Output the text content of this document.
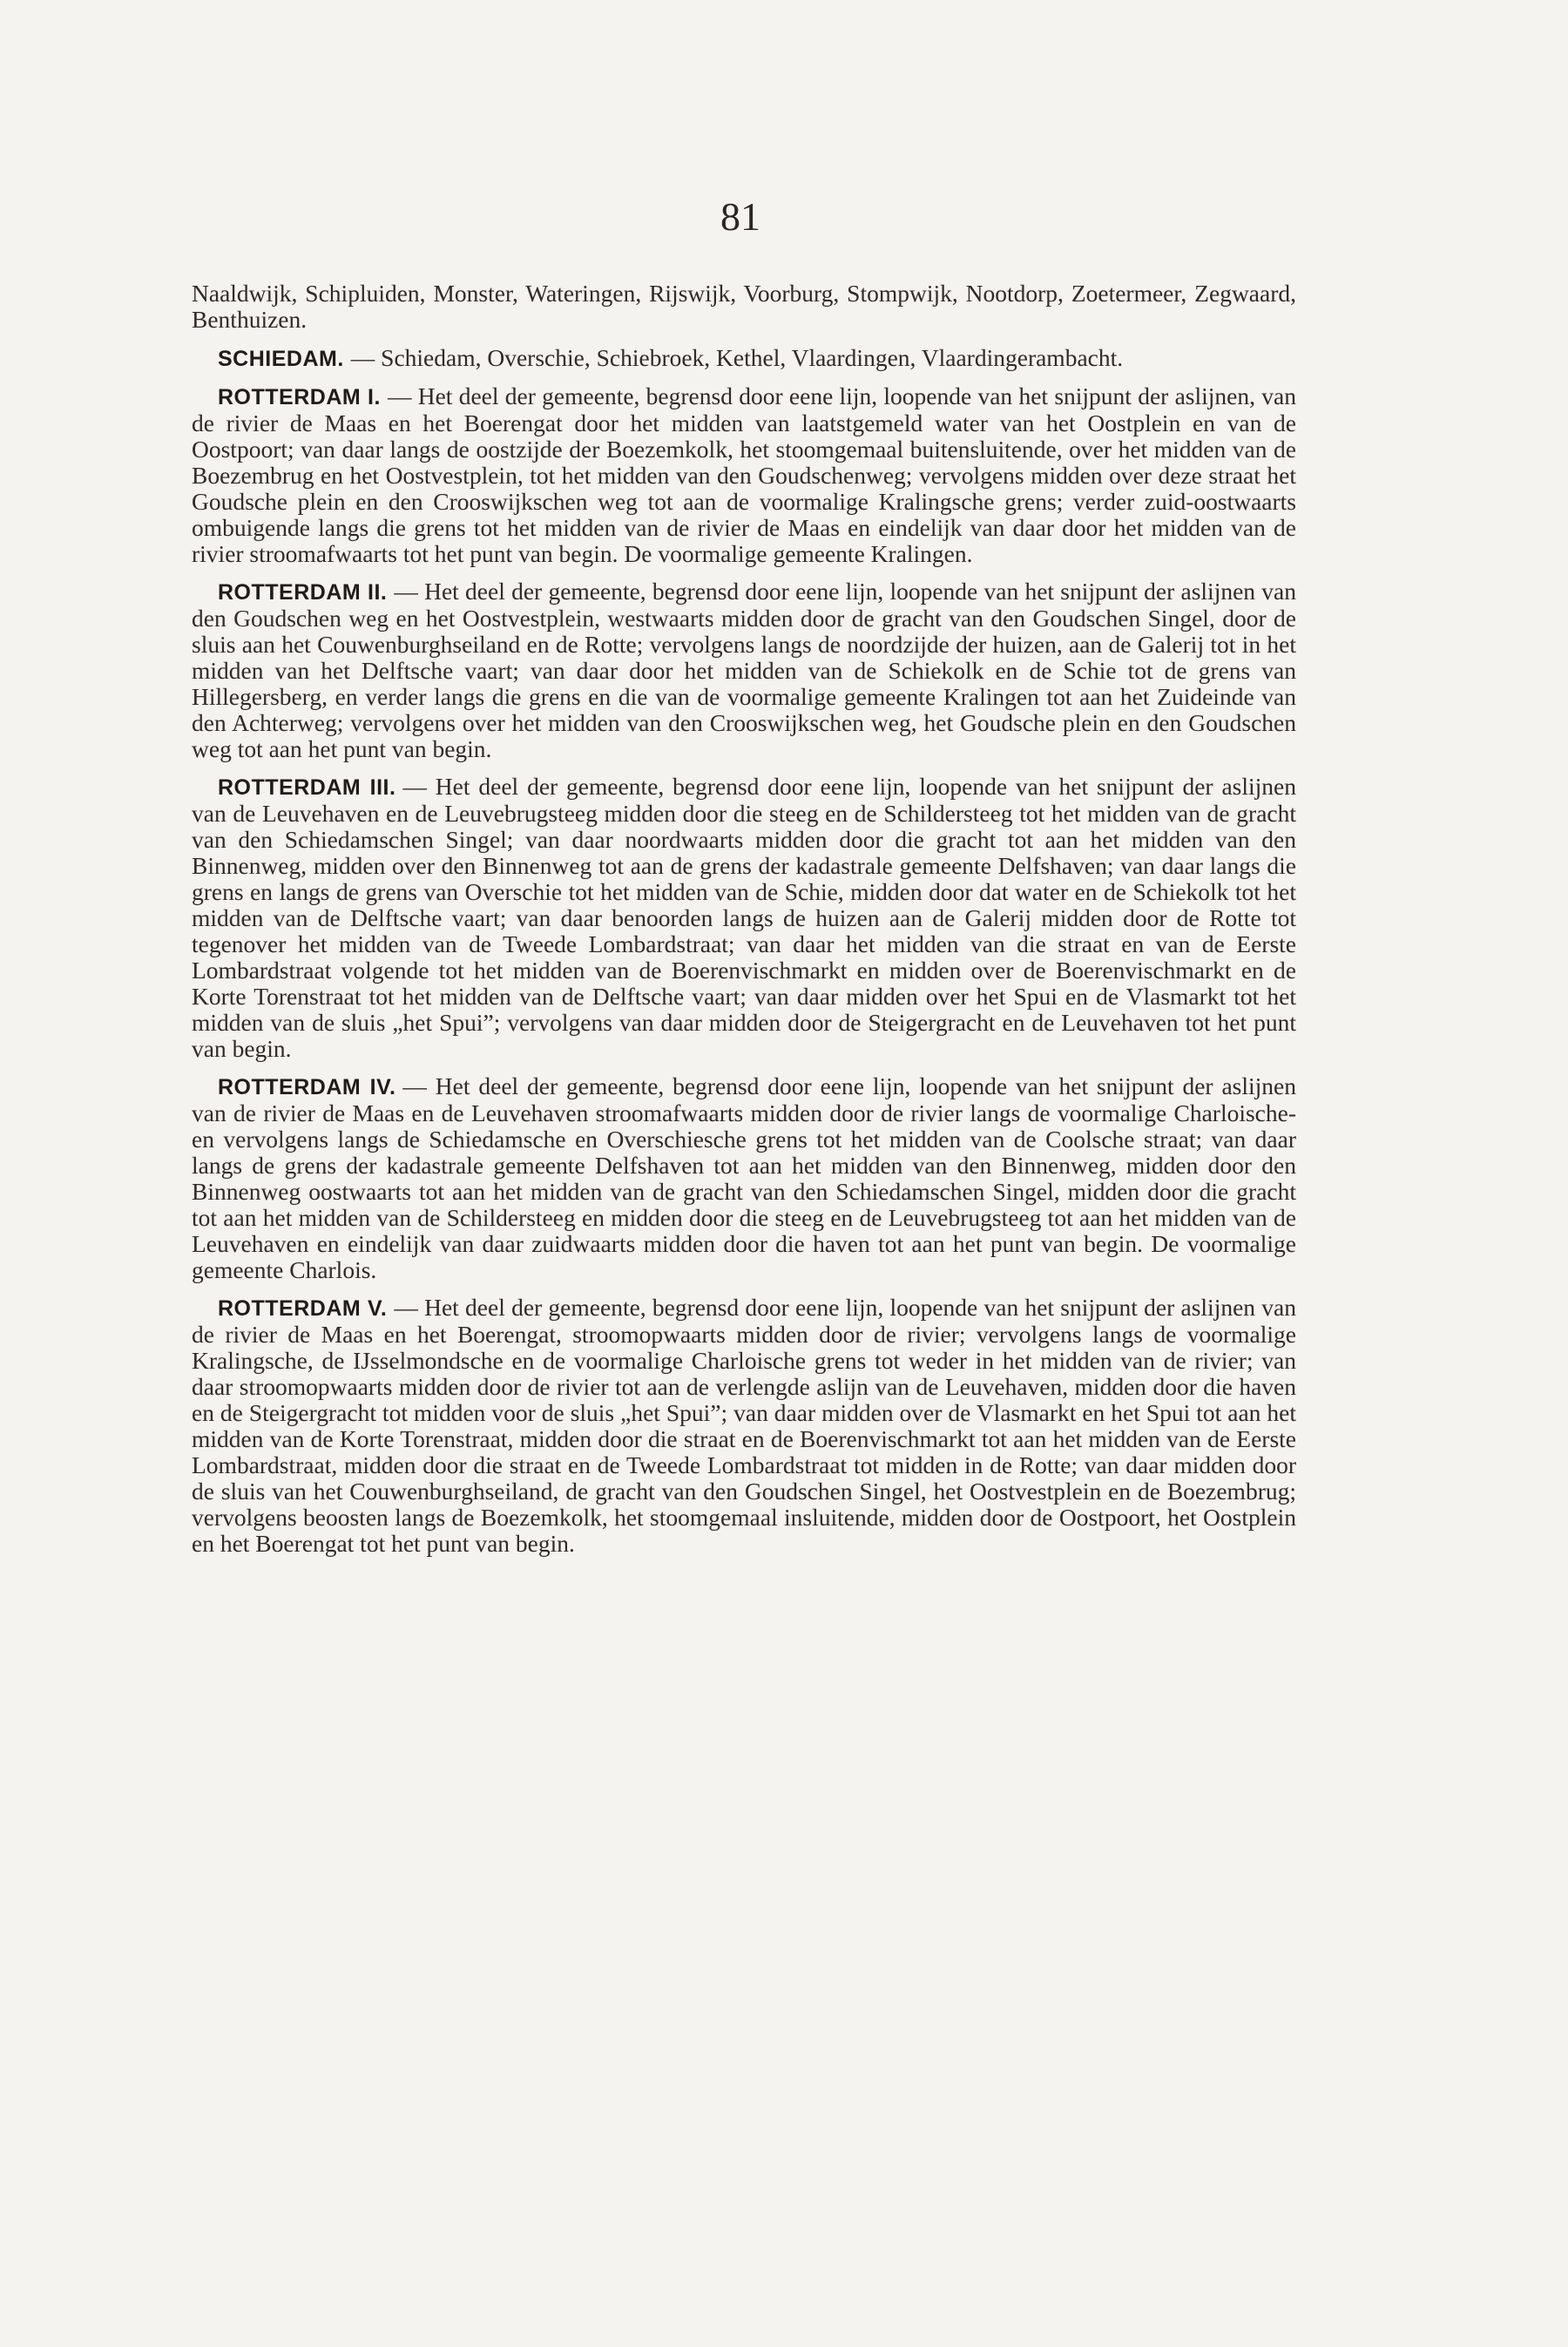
81

Naaldwijk, Schipluiden, Monster, Wateringen, Rijswijk, Voorburg, Stompwijk, Nootdorp, Zoetermeer, Zegwaard, Benthuizen.

SCHIEDAM. — Schiedam, Overschie, Schiebroek, Kethel, Vlaardingen, Vlaardingerambacht.

ROTTERDAM I. — Het deel der gemeente, begrensd door eene lijn, loopende van het snijpunt der aslijnen, van de rivier de Maas en het Boerengat door het midden van laatstgemeld water van het Oostplein en van de Oostpoort; van daar langs de oostzijde der Boezemkolk, het stoomgemaal buitensluitende, over het midden van de Boezembrug en het Oostvestplein, tot het midden van den Goudschenweg; vervolgens midden over deze straat het Goudsche plein en den Crooswijkschen weg tot aan de voormalige Kralingsche grens; verder zuid-oostwaarts ombuigende langs die grens tot het midden van de rivier de Maas en eindelijk van daar door het midden van de rivier stroomafwaarts tot het punt van begin. De voormalige gemeente Kralingen.

ROTTERDAM II. — Het deel der gemeente, begrensd door eene lijn, loopende van het snijpunt der aslijnen van den Goudschen weg en het Oostvestplein, westwaarts midden door de gracht van den Goudschen Singel, door de sluis aan het Couwenburghseiland en de Rotte; vervolgens langs de noordzijde der huizen, aan de Galerij tot in het midden van het Delftsche vaart; van daar door het midden van de Schiekolk en de Schie tot de grens van Hillegersberg, en verder langs die grens en die van de voormalige gemeente Kralingen tot aan het Zuideinde van den Achterweg; vervolgens over het midden van den Crooswijkschen weg, het Goudsche plein en den Goudschen weg tot aan het punt van begin.

ROTTERDAM III. — Het deel der gemeente, begrensd door eene lijn, loopende van het snijpunt der aslijnen van de Leuvehaven en de Leuvebrugsteeg midden door die steeg en de Schildersteeg tot het midden van de gracht van den Schiedamschen Singel; van daar noordwaarts midden door die gracht tot aan het midden van den Binnenweg, midden over den Binnenweg tot aan de grens der kadastrale gemeente Delfshaven; van daar langs die grens en langs de grens van Overschie tot het midden van de Schie, midden door dat water en de Schiekolk tot het midden van de Delftsche vaart; van daar benoorden langs de huizen aan de Galerij midden door de Rotte tot tegenover het midden van de Tweede Lombardstraat; van daar het midden van die straat en van de Eerste Lombardstraat volgende tot het midden van de Boerenvischmarkt en midden over de Boerenvischmarkt en de Korte Torenstraat tot het midden van de Delftsche vaart; van daar midden over het Spui en de Vlasmarkt tot het midden van de sluis „het Spui”; vervolgens van daar midden door de Steigergracht en de Leuvehaven tot het punt van begin.

ROTTERDAM IV. — Het deel der gemeente, begrensd door eene lijn, loopende van het snijpunt der aslijnen van de rivier de Maas en de Leuvehaven stroomafwaarts midden door de rivier langs de voormalige Charloische- en vervolgens langs de Schiedamsche en Overschiesche grens tot het midden van de Coolsche straat; van daar langs de grens der kadastrale gemeente Delfshaven tot aan het midden van den Binnenweg, midden door den Binnenweg oostwaarts tot aan het midden van de gracht van den Schiedamschen Singel, midden door die gracht tot aan het midden van de Schildersteeg en midden door die steeg en de Leuvebrugsteeg tot aan het midden van de Leuvehaven en eindelijk van daar zuidwaarts midden door die haven tot aan het punt van begin. De voormalige gemeente Charlois.

ROTTERDAM V. — Het deel der gemeente, begrensd door eene lijn, loopende van het snijpunt der aslijnen van de rivier de Maas en het Boerengat, stroomopwaarts midden door de rivier; vervolgens langs de voormalige Kralingsche, de IJsselmondsche en de voormalige Charloische grens tot weder in het midden van de rivier; van daar stroomopwaarts midden door de rivier tot aan de verlengde aslijn van de Leuvehaven, midden door die haven en de Steigergracht tot midden voor de sluis „het Spui”; van daar midden over de Vlasmarkt en het Spui tot aan het midden van de Korte Torenstraat, midden door die straat en de Boerenvischmarkt tot aan het midden van de Eerste Lombardstraat, midden door die straat en de Tweede Lombardstraat tot midden in de Rotte; van daar midden door de sluis van het Couwenburghseiland, de gracht van den Goudschen Singel, het Oostvestplein en de Boezembrug; vervolgens beoosten langs de Boezemkolk, het stoomgemaal insluitende, midden door de Oostpoort, het Oostplein en het Boerengat tot het punt van begin.
